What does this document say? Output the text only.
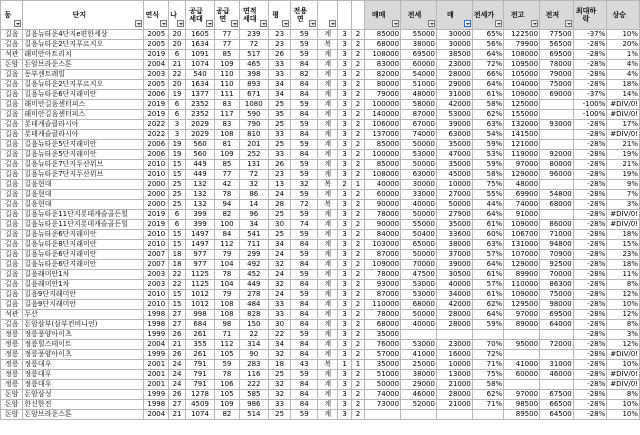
동	단지	연식	나	공급세대	공급면	면적세대	평	전용면				매매	전세	매	전세가	전고	전저	최대하락	상승
길음	길음뉴타운4단지e편한세상	2005	20	1605	77	239	23	59	계	3	2	85000	55000	30000	65%	122500	77500	-37%	10%
길음	길음뉴타운2단지푸르지오	2005	20	1634	77	72	23	59	복	3	2	68000	38000	30000	56%	79900	56500	-28%	20%
석관	래미안아트리치	2019	6	1091	85	517	26	59	계	3	2	108000	69500	38500	64%	108000	69500	-28%	1%
돈암	돈암브라운스톤	2004	21	1074	109	465	33	84	계	3	2	83000	60000	23000	72%	109500	78000	-28%	4%
길음	동부센트레빌	2003	22	540	110	398	33	82	계	3	2	82000	54000	28000	66%	105000	79000	-28%	4%
길음	길음뉴타운2단지푸르지오	2005	20	1634	110	893	34	84	계	3	2	80000	51000	29000	64%	104000	75000	-28%	18%
길음	길음뉴타운6단지래미안	2006	19	1377	111	671	34	84	계	3	2	79000	48000	31000	61%	109000	69000	-37%	14%
길음	래미안길음센터피스	2019	6	2352	83	1080	25	59	계	3	2	100000	58000	42000	58%	125000		-100%	#DIV/0!
길음	래미안길음센터피스	2019	6	2352	117	590	35	84	계	3	2	140000	87000	53000	62%	155000		-100%	#DIV/0!
길음	롯데캐슬클라시아	2022	3	2029	83	790	25	59	계	3	2	106000	67000	39000	63%	132000	93000	-28%	17%
길음	롯데캐슬클라시아	2022	3	2029	108	810	33	84	계	3	2	137000	74000	63000	54%	141500		-28%	#DIV/0!
길음	길음뉴타운5단지래미안	2006	19	560	81	201	25	59	계	3	2	85000	50000	35000	59%	121000		-28%	21%
길음	길음뉴타운5단지래미안	2006	19	560	109	252	33	84	계	3	2	100000	53000	47000	53%	119000	92000	-28%	19%
길음	길음뉴타운7단지두산위브	2010	15	449	85	131	26	59	계	3	2	85000	50000	35000	59%	97000	80000	-28%	21%
길음	길음뉴타운7단지두산위브	2010	15	449	77	72	23	59	계	3	2	108000	63000	45000	58%	129000	96000	-28%	19%
길음	길음현대	2000	25	132	42	32	13	32	복	2	1	40000	30000	10000	75%	48000		-28%	9%
길음	길음현대	2000	25	132	78	86	24	59	계	3	2	60000	33000	27000	55%	69900	54800	-28%	7%
길음	길음현대	2000	25	132	94	14	28	72	복	3	2	90000	40000	50000	44%	74000	68000	-28%	3%
길음	길음뉴타운11단지롯데캐슬골든힐	2019	6	399	82	96	25	59	계	3	2	78000	50000	27900	64%	91000		-28%	#DIV/0!
길음	길음뉴타운11단지롯데캐슬골든힐	2019	6	399	100	34	30	74	계	3	2	90000	55000	35000	61%	109000	86000	-28%	#DIV/0!
길음	길음뉴타운6단지래미안	2010	15	1497	84	541	25	59	계	3	2	84000	50400	33600	60%	106700	71000	-28%	18%
길음	길음뉴타운8단지래미안	2010	15	1497	112	711	34	84	계	3	2	103000	65000	38000	63%	131000	94800	-28%	15%
길음	길음뉴타운6단지래미안	2007	18	977	79	299	24	59	계	3	2	87000	50000	37000	57%	107000	70900	-28%	23%
길음	길음뉴타운6단지래미안	2007	18	977	104	492	32	84	계	3	2	109000	70000	39000	64%	129000	92500	-28%	18%
길음	길음래미안1차	2003	22	1125	78	452	24	59	계	3	2	78000	47500	30500	61%	89900	70000	-28%	11%
길음	길음래미안1차	2003	22	1125	104	449	32	84	계	3	2	93000	53000	40000	57%	110000	86300	-28%	8%
길음	길음9단지래미안	2010	15	1012	79	278	24	59	계	3	2	87000	53000	34000	61%	109000	75000	-28%	12%
길음	길음9단지래미안	2010	15	1012	108	484	33	84	계	3	2	110000	68000	42000	62%	129500	98000	-28%	10%
석관	두산	1998	27	998	108	828	33	84	계	3	2	78000	50000	28000	64%	97000	69500	-28%	12%
길음	돈암삼부(삼부컨비니언)	1998	27	684	98	150	30	84	계	3	2	68000	40000	28000	59%	89000	64000	-28%	8%
정릉	정릉풍양아이츠	1999	26	261	71	22	22	59	계	3	2	35000						-28%	3%
정릉	정릉힐스테이트	2004	21	355	112	314	34	84	계	3	2	76000	53000	23000	70%	95000	72000	-28%	12%
정릉	정릉풍양아이츠	1999	26	261	105	90	32	84	계	3	2	57000	41000	16000	72%			-28%	#DIV/0!
정릉	정릉대우	2001	24	791	59	283	18	43	복	1	1	35000	25000	10000	71%	41000	31000	-28%	10%
정릉	정릉대우	2001	24	791	78	116	25	59	계	3	2	51000	38000	13000	75%	60000	46000	-28%	#DIV/0!
정릉	정릉대우	2001	24	791	106	222	32	84	계	3	2	50000	29000	21000	58%			-28%	#DIV/0!
돈암	돈암삼성	1999	26	1278	105	585	32	84	계	3	2	74000	46000	28000	62%	97000	67500	-28%	8%
돈암	한신한진	1998	27	4509	109	986	33	84	계	3	2	73000	52000	21000	71%	98500	66500	-28%	10%
돈암	돈암브라운스톤	2004	21	1074	82	514	25	59	계	3	2					89500	64500	-28%	10%
